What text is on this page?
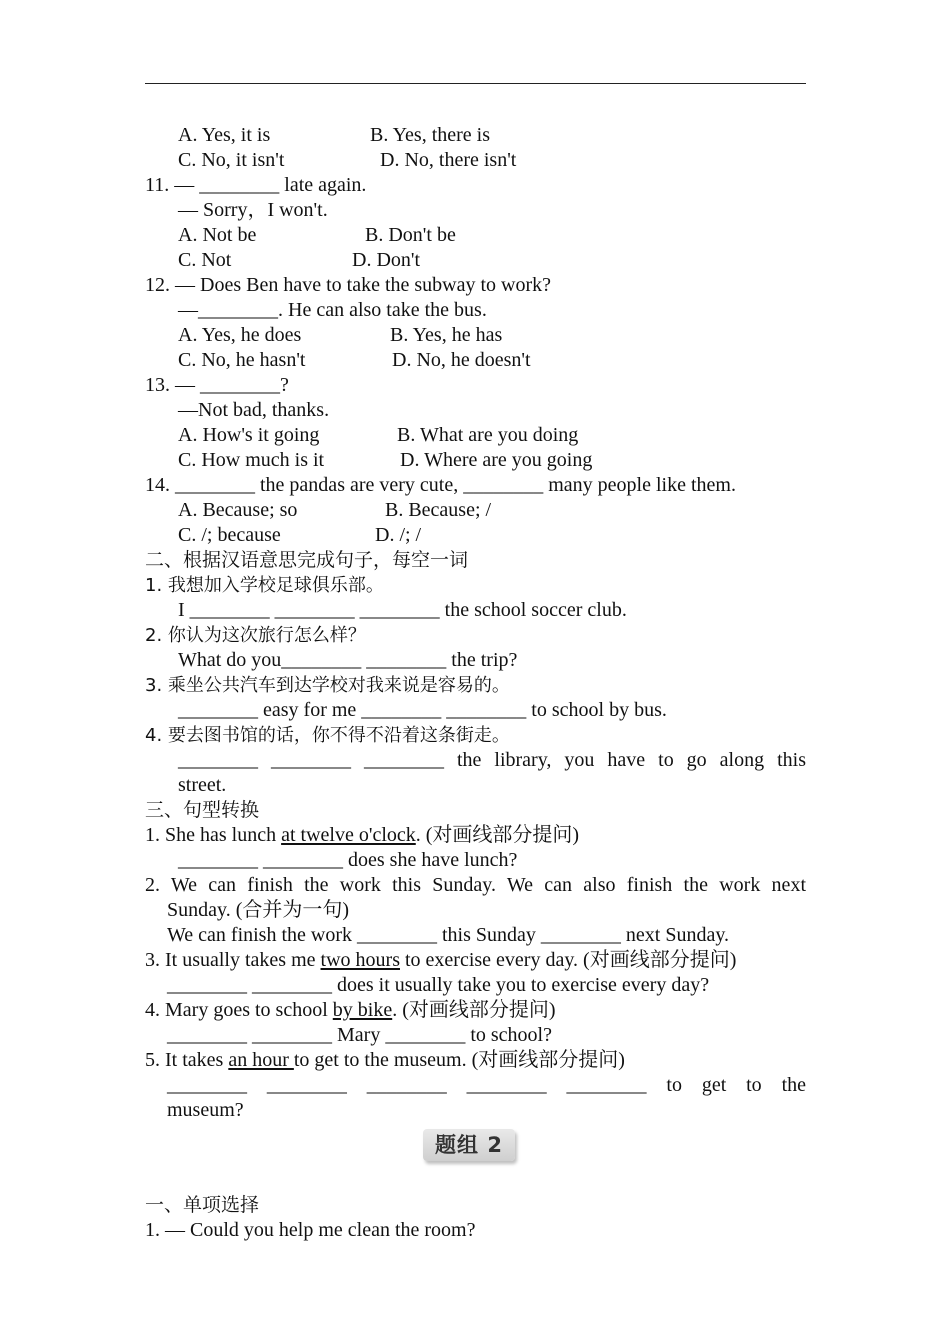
A. Yes, it is	B. Yes, there is
C. No, it isn't	D. No, there isn't
11. — ________ late again.
— Sorry，I won't.
A. Not be	B. Don't be
C. Not	D. Don't
12. — Does Ben have to take the subway to work?
—________. He can also take the bus.
A. Yes, he does	B. Yes, he has
C. No, he hasn't	D. No, he doesn't
13. — ________?
—Not bad, thanks.
A. How's it going	B. What are you doing
C. How much is it	D. Where are you going
14. ________ the pandas are very cute, ________ many people like them.
A. Because; so	B. Because; /
C. /; because	D. /; /
二、根据汉语意思完成句子，每空一词
1. 我想加入学校足球俱乐部。
I ________ ________ ________ the school soccer club.
2. 你认为这次旅行怎么样？
What do you________ ________ the trip?
3. 乘坐公共汽车到达学校对我来说是容易的。
________ easy for me ________ ________ to school by bus.
4. 要去图书馆的话，你不得不沿着这条街走。
________ ________ ________ the library, you have to go along this
street.
三、句型转换
1. She has lunch at twelve o'clock. (对画线部分提问)
________ ________ does she have lunch?
2. We can finish the work this Sunday. We can also finish the work next
Sunday. (合并为一句)
We can finish the work ________ this Sunday ________ next Sunday.
3. It usually takes me two hours to exercise every day. (对画线部分提问)
________ ________ does it usually take you to exercise every day?
4. Mary goes to school by bike. (对画线部分提问)
________ ________ Mary ________ to school?
5. It takes an hour to get to the museum. (对画线部分提问)
________ ________ ________ ________ ________ to get to the
museum?
题组 2
一、单项选择
1. — Could you help me clean the room?
